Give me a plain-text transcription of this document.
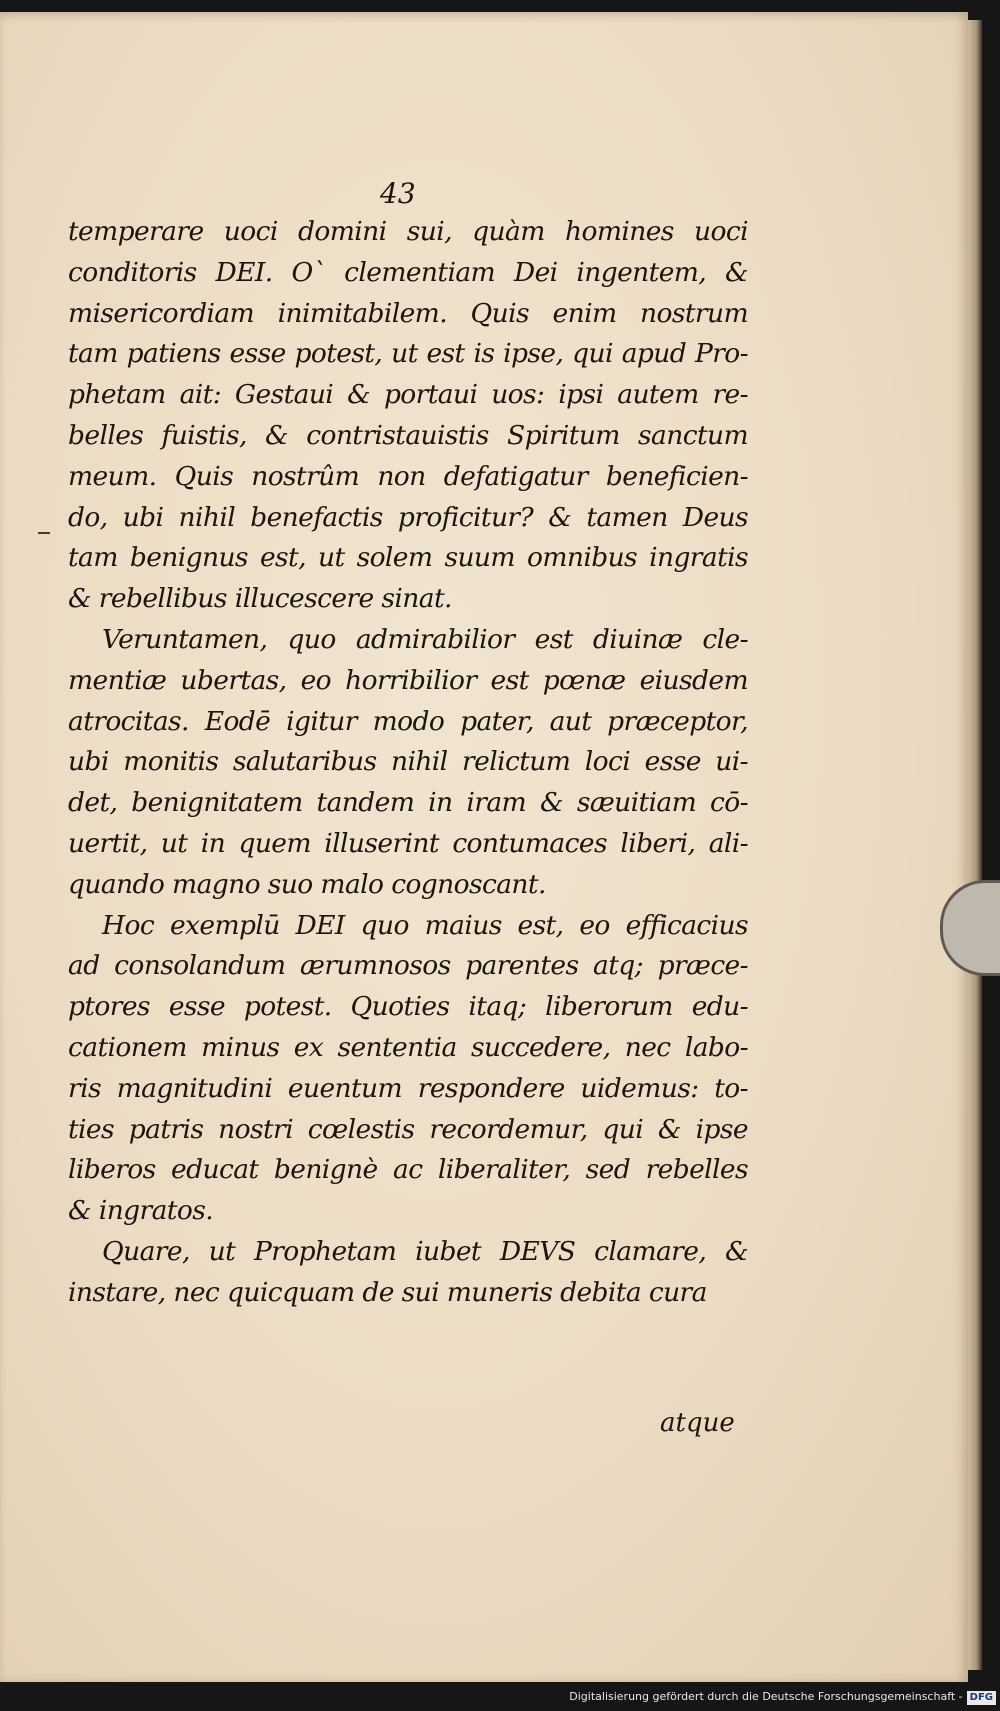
43
temperare uoci domini sui, quàm homines uoci
conditoris DEI. O` clementiam Dei ingentem, &
misericordiam inimitabilem. Quis enim nostrum
tam patiens esse potest, ut est is ipse, qui apud Pro-
phetam ait: Gestaui & portaui uos: ipsi autem re-
belles fuistis, & contristauistis Spiritum sanctum
meum. Quis nostrûm non defatigatur beneficien-
do, ubi nihil benefactis proficitur? & tamen Deus
tam benignus est, ut solem suum omnibus ingratis
& rebellibus illucescere sinat.
Veruntamen, quo admirabilior est diuinæ cle-
mentiæ ubertas, eo horribilior est pœnæ eiusdem
atrocitas. Eodē igitur modo pater, aut præceptor,
ubi monitis salutaribus nihil relictum loci esse ui-
det, benignitatem tandem in iram & sæuitiam cō-
uertit, ut in quem illuserint contumaces liberi, ali-
quando magno suo malo cognoscant.
Hoc exemplū DEI quo maius est, eo efficacius
ad consolandum ærumnosos parentes atq; præce-
ptores esse potest. Quoties itaq; liberorum edu-
cationem minus ex sententia succedere, nec labo-
ris magnitudini euentum respondere uidemus: to-
ties patris nostri cœlestis recordemur, qui & ipse
liberos educat benignè ac liberaliter, sed rebelles
& ingratos.
Quare, ut Prophetam iubet DEVS clamare, &
instare, nec quicquam de sui muneris debita cura
atque
Digitalisierung gefördert durch die Deutsche Forschungsgemeinschaft - DFG
